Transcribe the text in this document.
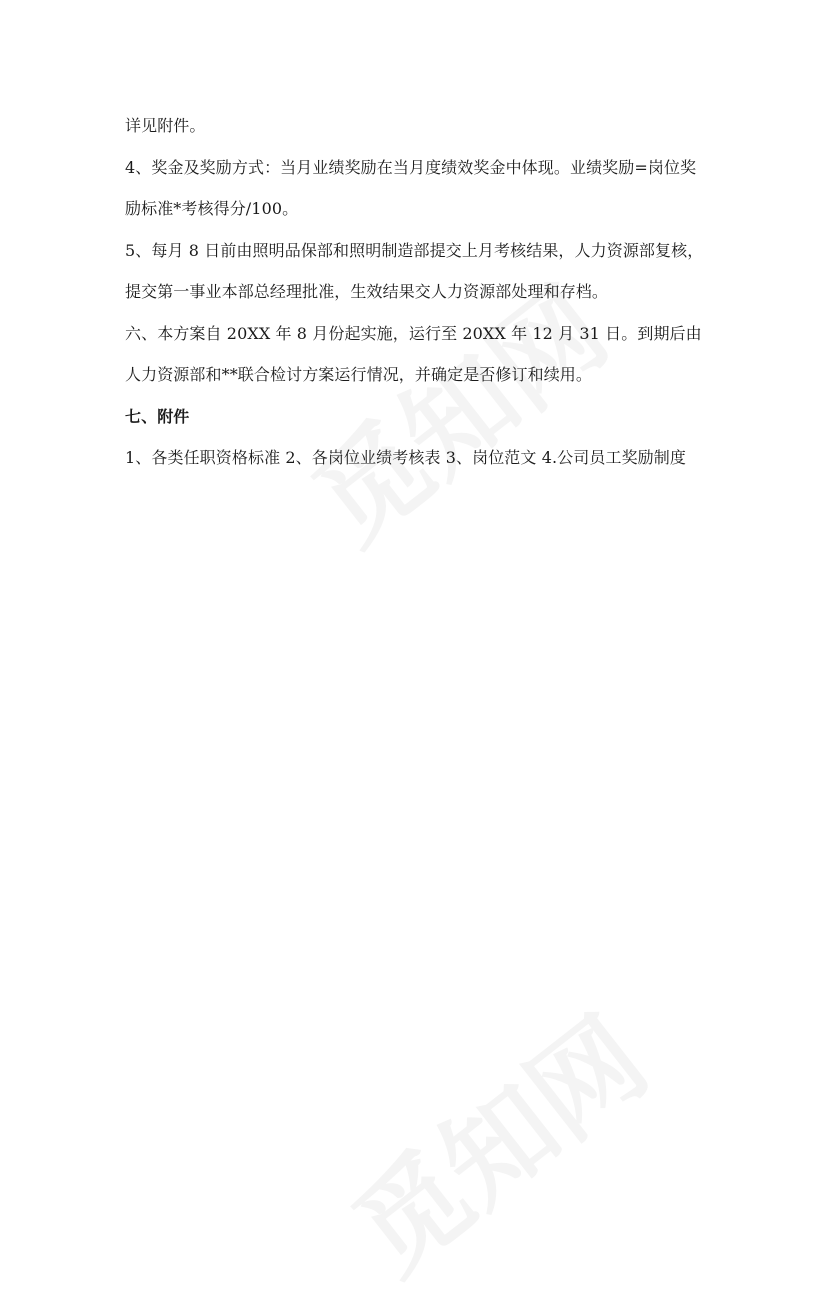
详见附件。
4、奖金及奖励方式：当月业绩奖励在当月度绩效奖金中体现。业绩奖励=岗位奖
励标准*考核得分/100。
5、每月 8 日前由照明品保部和照明制造部提交上月考核结果，人力资源部复核，
提交第一事业本部总经理批准，生效结果交人力资源部处理和存档。
六、本方案自 20XX 年 8 月份起实施，运行至 20XX 年 12 月 31 日。到期后由
人力资源部和**联合检讨方案运行情况，并确定是否修订和续用。
七、附件
1、各类任职资格标准 2、各岗位业绩考核表 3、岗位范文 4.公司员工奖励制度
